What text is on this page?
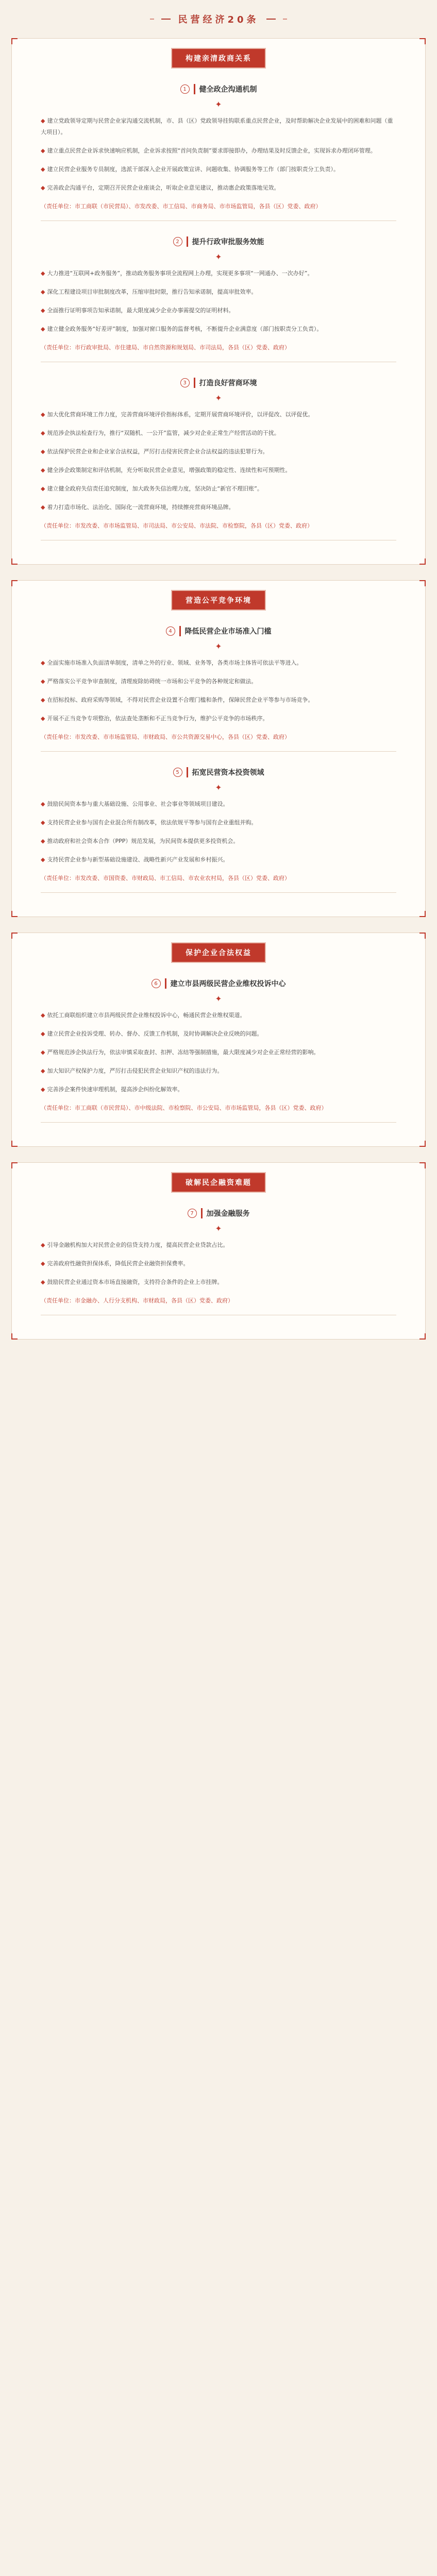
民营经济20条
构建亲清政商关系
1	健全政企沟通机制
✦

◆ 建立党政领导定期与民营企业家沟通交流机制，市、县（区）党政领导挂钩联系重点民营企业，及时帮助解决企业发展中的困难和问题（重大项目）。

◆ 建立重点民营企业诉求快速响应机制，企业诉求按照“首问负责制”要求即接即办，办理结果及时反馈企业，实现诉求办理闭环管理。

◆ 建立民营企业服务专员制度，选派干部深入企业开展政策宣讲、问题收集、协调服务等工作（部门按职责分工负责）。

◆ 完善政企沟通平台，定期召开民营企业座谈会，听取企业意见建议，推动惠企政策落地见效。

（责任单位：市工商联（市民营局）、市发改委、市工信局、市商务局、市市场监管局，各县（区）党委、政府）

2	提升行政审批服务效能
✦

◆ 大力推进“互联网+政务服务”，推动政务服务事项全流程网上办理，实现更多事项“一网通办、一次办好”。

◆ 深化工程建设项目审批制度改革，压缩审批时限，推行告知承诺制，提高审批效率。

◆ 全面推行证明事项告知承诺制，最大限度减少企业办事需提交的证明材料。

◆ 建立健全政务服务“好差评”制度，加强对窗口服务的监督考核，不断提升企业满意度（部门按职责分工负责）。

（责任单位：市行政审批局、市住建局、市自然资源和规划局、市司法局，各县（区）党委、政府）

3	打造良好营商环境
✦

◆ 加大优化营商环境工作力度，完善营商环境评价指标体系，定期开展营商环境评价，以评促改、以评促优。

◆ 规范涉企执法检查行为，推行“双随机、一公开”监管，减少对企业正常生产经营活动的干扰。

◆ 依法保护民营企业和企业家合法权益，严厉打击侵害民营企业合法权益的违法犯罪行为。

◆ 健全涉企政策制定和评估机制，充分听取民营企业意见，增强政策的稳定性、连续性和可预期性。

◆ 建立健全政府失信责任追究制度，加大政务失信治理力度，坚决防止“新官不理旧账”。

◆ 着力打造市场化、法治化、国际化一流营商环境，持续擦亮营商环境品牌。

（责任单位：市发改委、市市场监管局、市司法局、市公安局、市法院、市检察院，各县（区）党委、政府）

营造公平竞争环境
4	降低民营企业市场准入门槛
✦

◆ 全面实施市场准入负面清单制度，清单之外的行业、领域、业务等，各类市场主体皆可依法平等进入。

◆ 严格落实公平竞争审查制度，清理废除妨碍统一市场和公平竞争的各种规定和做法。

◆ 在招标投标、政府采购等领域，不得对民营企业设置不合理门槛和条件，保障民营企业平等参与市场竞争。

◆ 开展不正当竞争专项整治，依法查处垄断和不正当竞争行为，维护公平竞争的市场秩序。

（责任单位：市发改委、市市场监管局、市财政局、市公共资源交易中心，各县（区）党委、政府）

5	拓宽民营资本投资领域
✦

◆ 鼓励民间资本参与重大基础设施、公用事业、社会事业等领域项目建设。

◆ 支持民营企业参与国有企业混合所有制改革，依法依规平等参与国有企业重组并购。

◆ 推动政府和社会资本合作（PPP）规范发展，为民间资本提供更多投资机会。

◆ 支持民营企业参与新型基础设施建设、战略性新兴产业发展和乡村振兴。

（责任单位：市发改委、市国资委、市财政局、市工信局、市农业农村局，各县（区）党委、政府）

保护企业合法权益
6	建立市县两级民营企业维权投诉中心
✦

◆ 依托工商联组织建立市县两级民营企业维权投诉中心，畅通民营企业维权渠道。

◆ 建立民营企业投诉受理、转办、督办、反馈工作机制，及时协调解决企业反映的问题。

◆ 严格规范涉企执法行为，依法审慎采取查封、扣押、冻结等强制措施，最大限度减少对企业正常经营的影响。

◆ 加大知识产权保护力度，严厉打击侵犯民营企业知识产权的违法行为。

◆ 完善涉企案件快速审理机制，提高涉企纠纷化解效率。

（责任单位：市工商联（市民营局）、市中级法院、市检察院、市公安局、市市场监管局，各县（区）党委、政府）

破解民企融资难题
7	加强金融服务
✦

◆ 引导金融机构加大对民营企业的信贷支持力度，提高民营企业贷款占比。

◆ 完善政府性融资担保体系，降低民营企业融资担保费率。

◆ 鼓励民营企业通过资本市场直接融资，支持符合条件的企业上市挂牌。

（责任单位：市金融办、人行分支机构、市财政局，各县（区）党委、政府）
